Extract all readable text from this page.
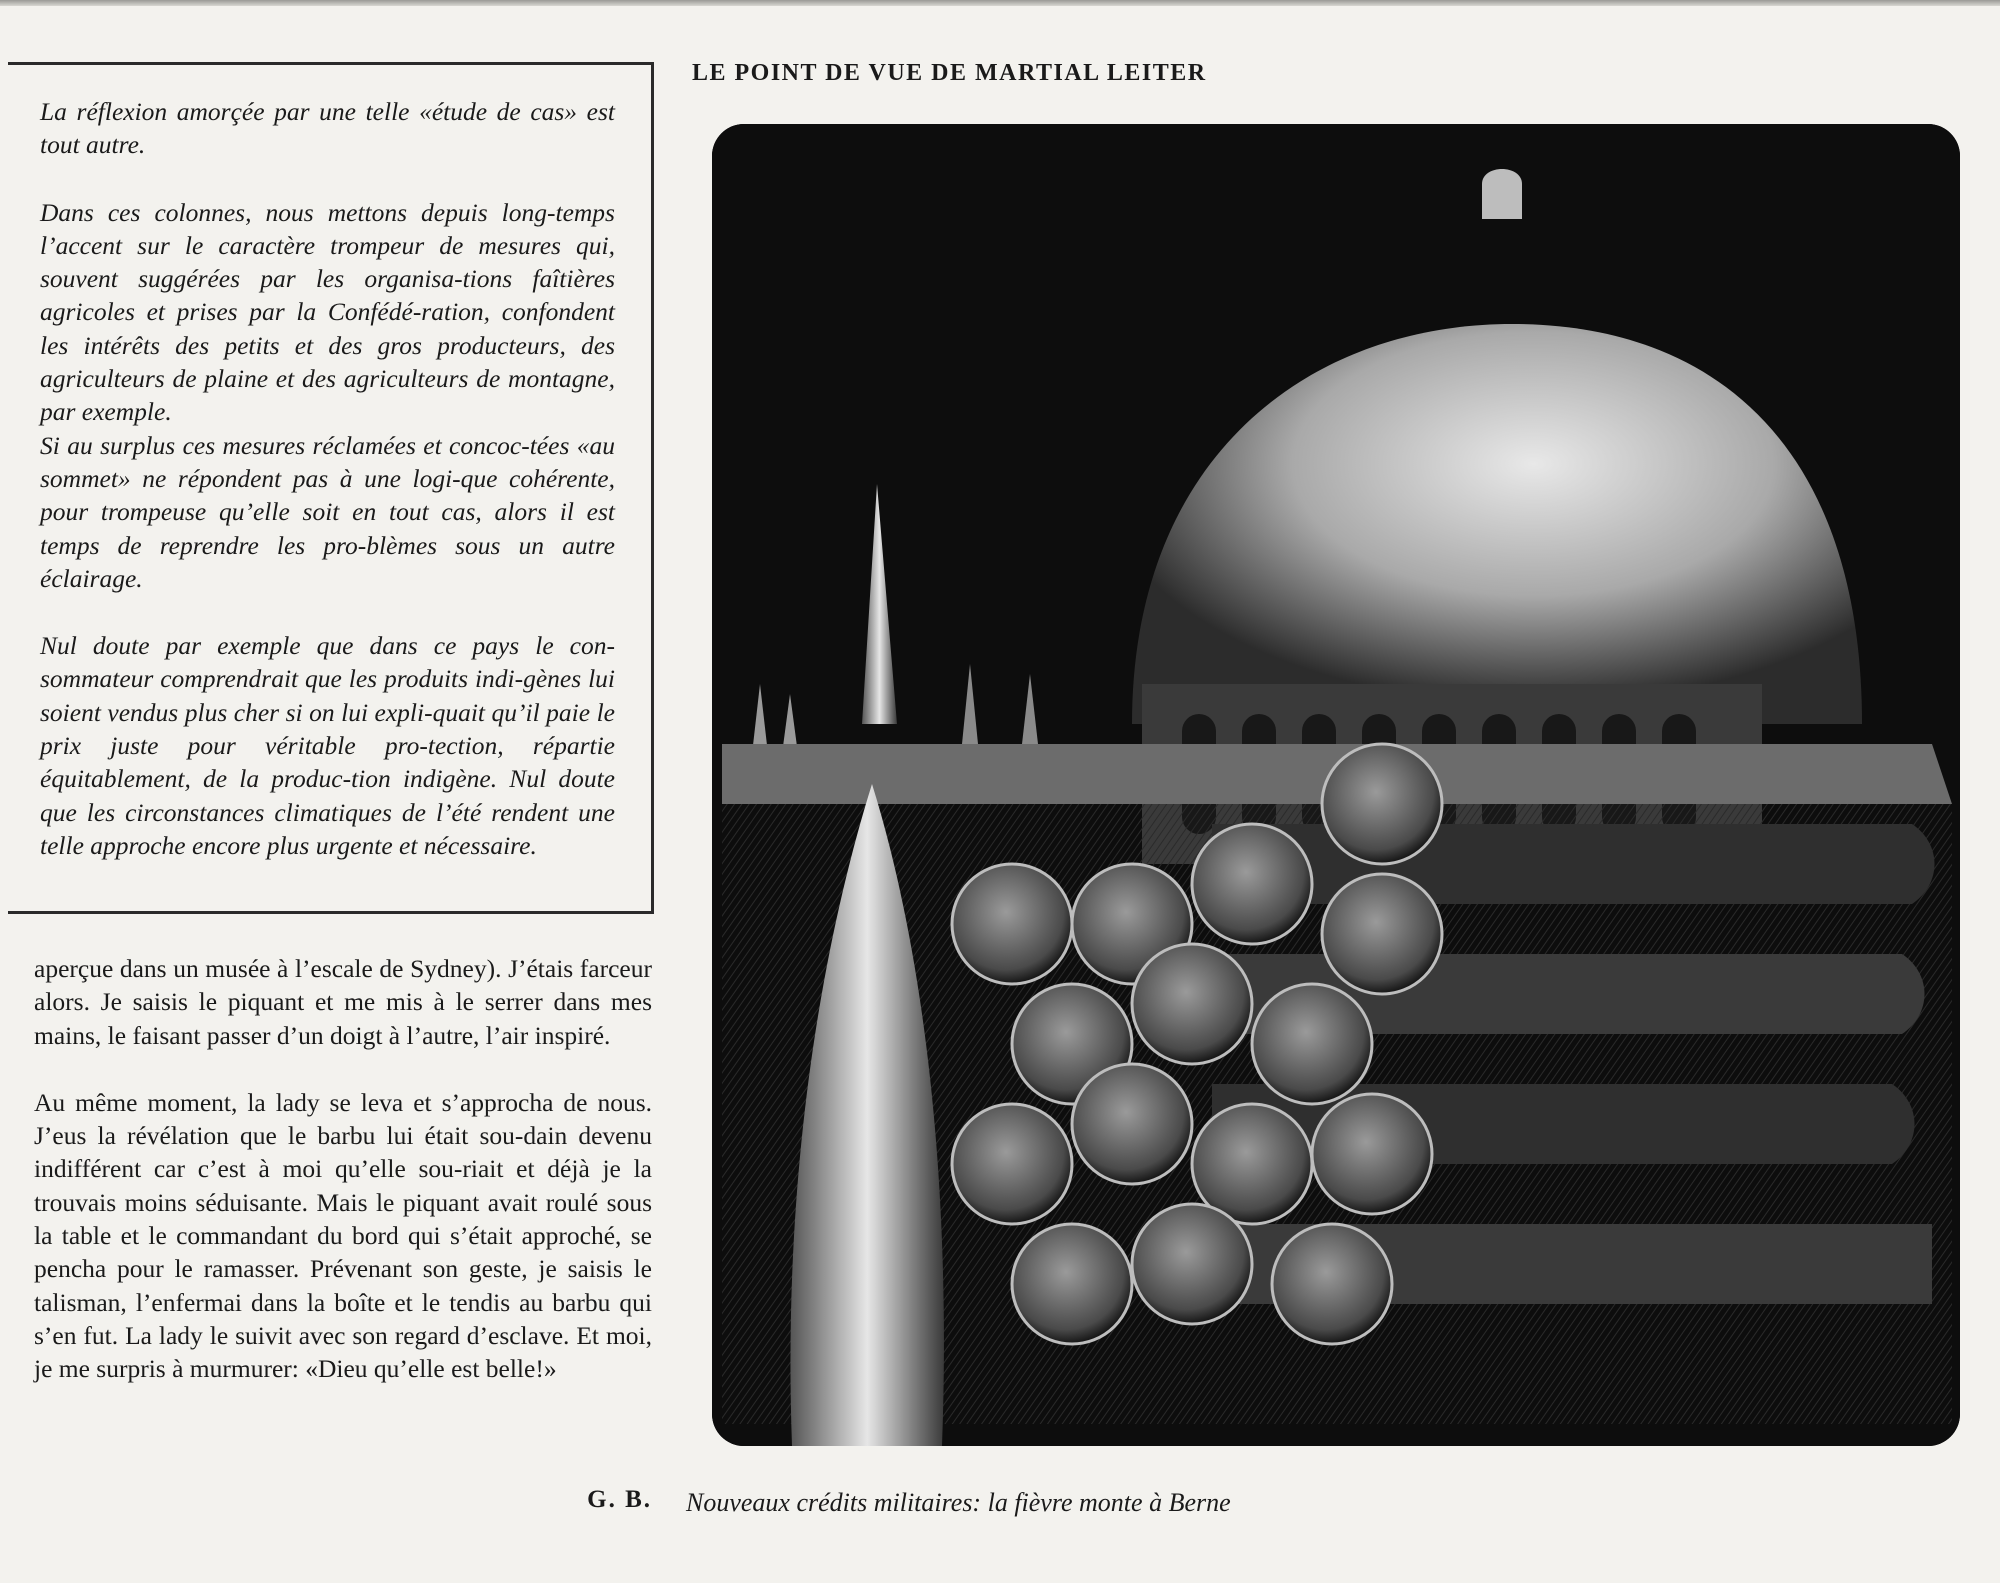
La réflexion amorçée par une telle «étude de cas» est tout autre.

Dans ces colonnes, nous mettons depuis long-temps l’accent sur le caractère trompeur de mesures qui, souvent suggérées par les organisa-tions faîtières agricoles et prises par la Confédé-ration, confondent les intérêts des petits et des gros producteurs, des agriculteurs de plaine et des agriculteurs de montagne, par exemple.

Si au surplus ces mesures réclamées et concoc-tées «au sommet» ne répondent pas à une logi-que cohérente, pour trompeuse qu’elle soit en tout cas, alors il est temps de reprendre les pro-blèmes sous un autre éclairage.

Nul doute par exemple que dans ce pays le con-sommateur comprendrait que les produits indi-gènes lui soient vendus plus cher si on lui expli-quait qu’il paie le prix juste pour véritable pro-tection, répartie équitablement, de la produc-tion indigène. Nul doute que les circonstances climatiques de l’été rendent une telle approche encore plus urgente et nécessaire.

aperçue dans un musée à l’escale de Sydney). J’étais farceur alors. Je saisis le piquant et me mis à le serrer dans mes mains, le faisant passer d’un doigt à l’autre, l’air inspiré.

Au même moment, la lady se leva et s’approcha de nous. J’eus la révélation que le barbu lui était sou-dain devenu indifférent car c’est à moi qu’elle sou-riait et déjà je la trouvais moins séduisante. Mais le piquant avait roulé sous la table et le commandant du bord qui s’était approché, se pencha pour le ramasser. Prévenant son geste, je saisis le talisman, l’enfermai dans la boîte et le tendis au barbu qui s’en fut. La lady le suivit avec son regard d’esclave. Et moi, je me surpris à murmurer: «Dieu qu’elle est belle!»

G. B.
LE POINT DE VUE DE MARTIAL LEITER
Nouveaux crédits militaires: la fièvre monte à Berne
